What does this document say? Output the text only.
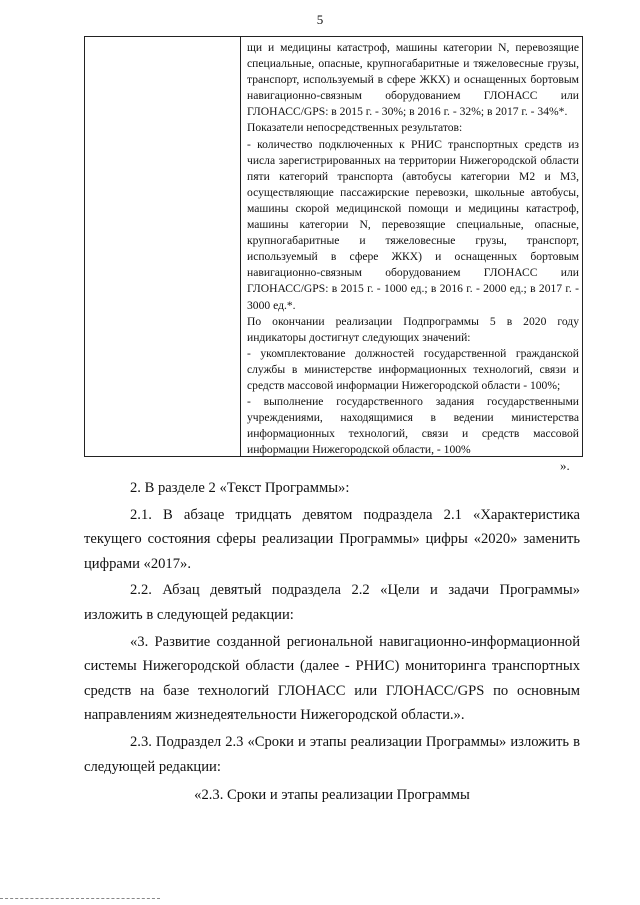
5

щи и медицины катастроф, машины категории N, перевозящие специальные, опасные, крупногабаритные и тяжеловесные грузы, транспорт, используемый в сфере ЖКХ) и оснащенных бортовым навигационно-связным оборудованием ГЛОНАСС или ГЛОНАСС/GPS: в 2015 г. - 30%; в 2016 г. - 32%; в 2017 г. - 34%*.

Показатели непосредственных результатов:

- количество подключенных к РНИС транспортных средств из числа зарегистрированных на территории Нижегородской области пяти категорий транспорта (автобусы категории М2 и М3, осуществляющие пассажирские перевозки, школьные автобусы, машины скорой медицинской помощи и медицины катастроф, машины категории N, перевозящие специальные, опасные, крупногабаритные и тяжеловесные грузы, транспорт, используемый в сфере ЖКХ) и оснащенных бортовым навигационно-связным оборудованием ГЛОНАСС или ГЛОНАСС/GPS: в 2015 г. - 1000 ед.; в 2016 г. - 2000 ед.; в 2017 г. - 3000 ед.*.

По окончании реализации Подпрограммы 5 в 2020 году индикаторы достигнут следующих значений:

- укомплектование должностей государственной гражданской службы в министерстве информационных технологий, связи и средств массовой информации Нижегородской области - 100%;

- выполнение государственного задания государственными учреждениями, находящимися в ведении министерства информационных технологий, связи и средств массовой информации Нижегородской области, - 100%

».

2. В разделе 2 «Текст Программы»:

2.1. В абзаце тридцать девятом подраздела 2.1 «Характеристика текущего состояния сферы реализации Программы» цифры «2020» заменить цифрами «2017».

2.2. Абзац девятый подраздела 2.2 «Цели и задачи Программы» изложить в следующей редакции:

«3. Развитие созданной региональной навигационно-информационной системы Нижегородской области (далее - РНИС) мониторинга транспортных средств на базе технологий ГЛОНАСС или ГЛОНАСС/GPS по основным направлениям жизнедеятельности Нижегородской области.».

2.3. Подраздел 2.3 «Сроки и этапы реализации Программы» изложить в следующей редакции:

«2.3. Сроки и этапы реализации Программы
